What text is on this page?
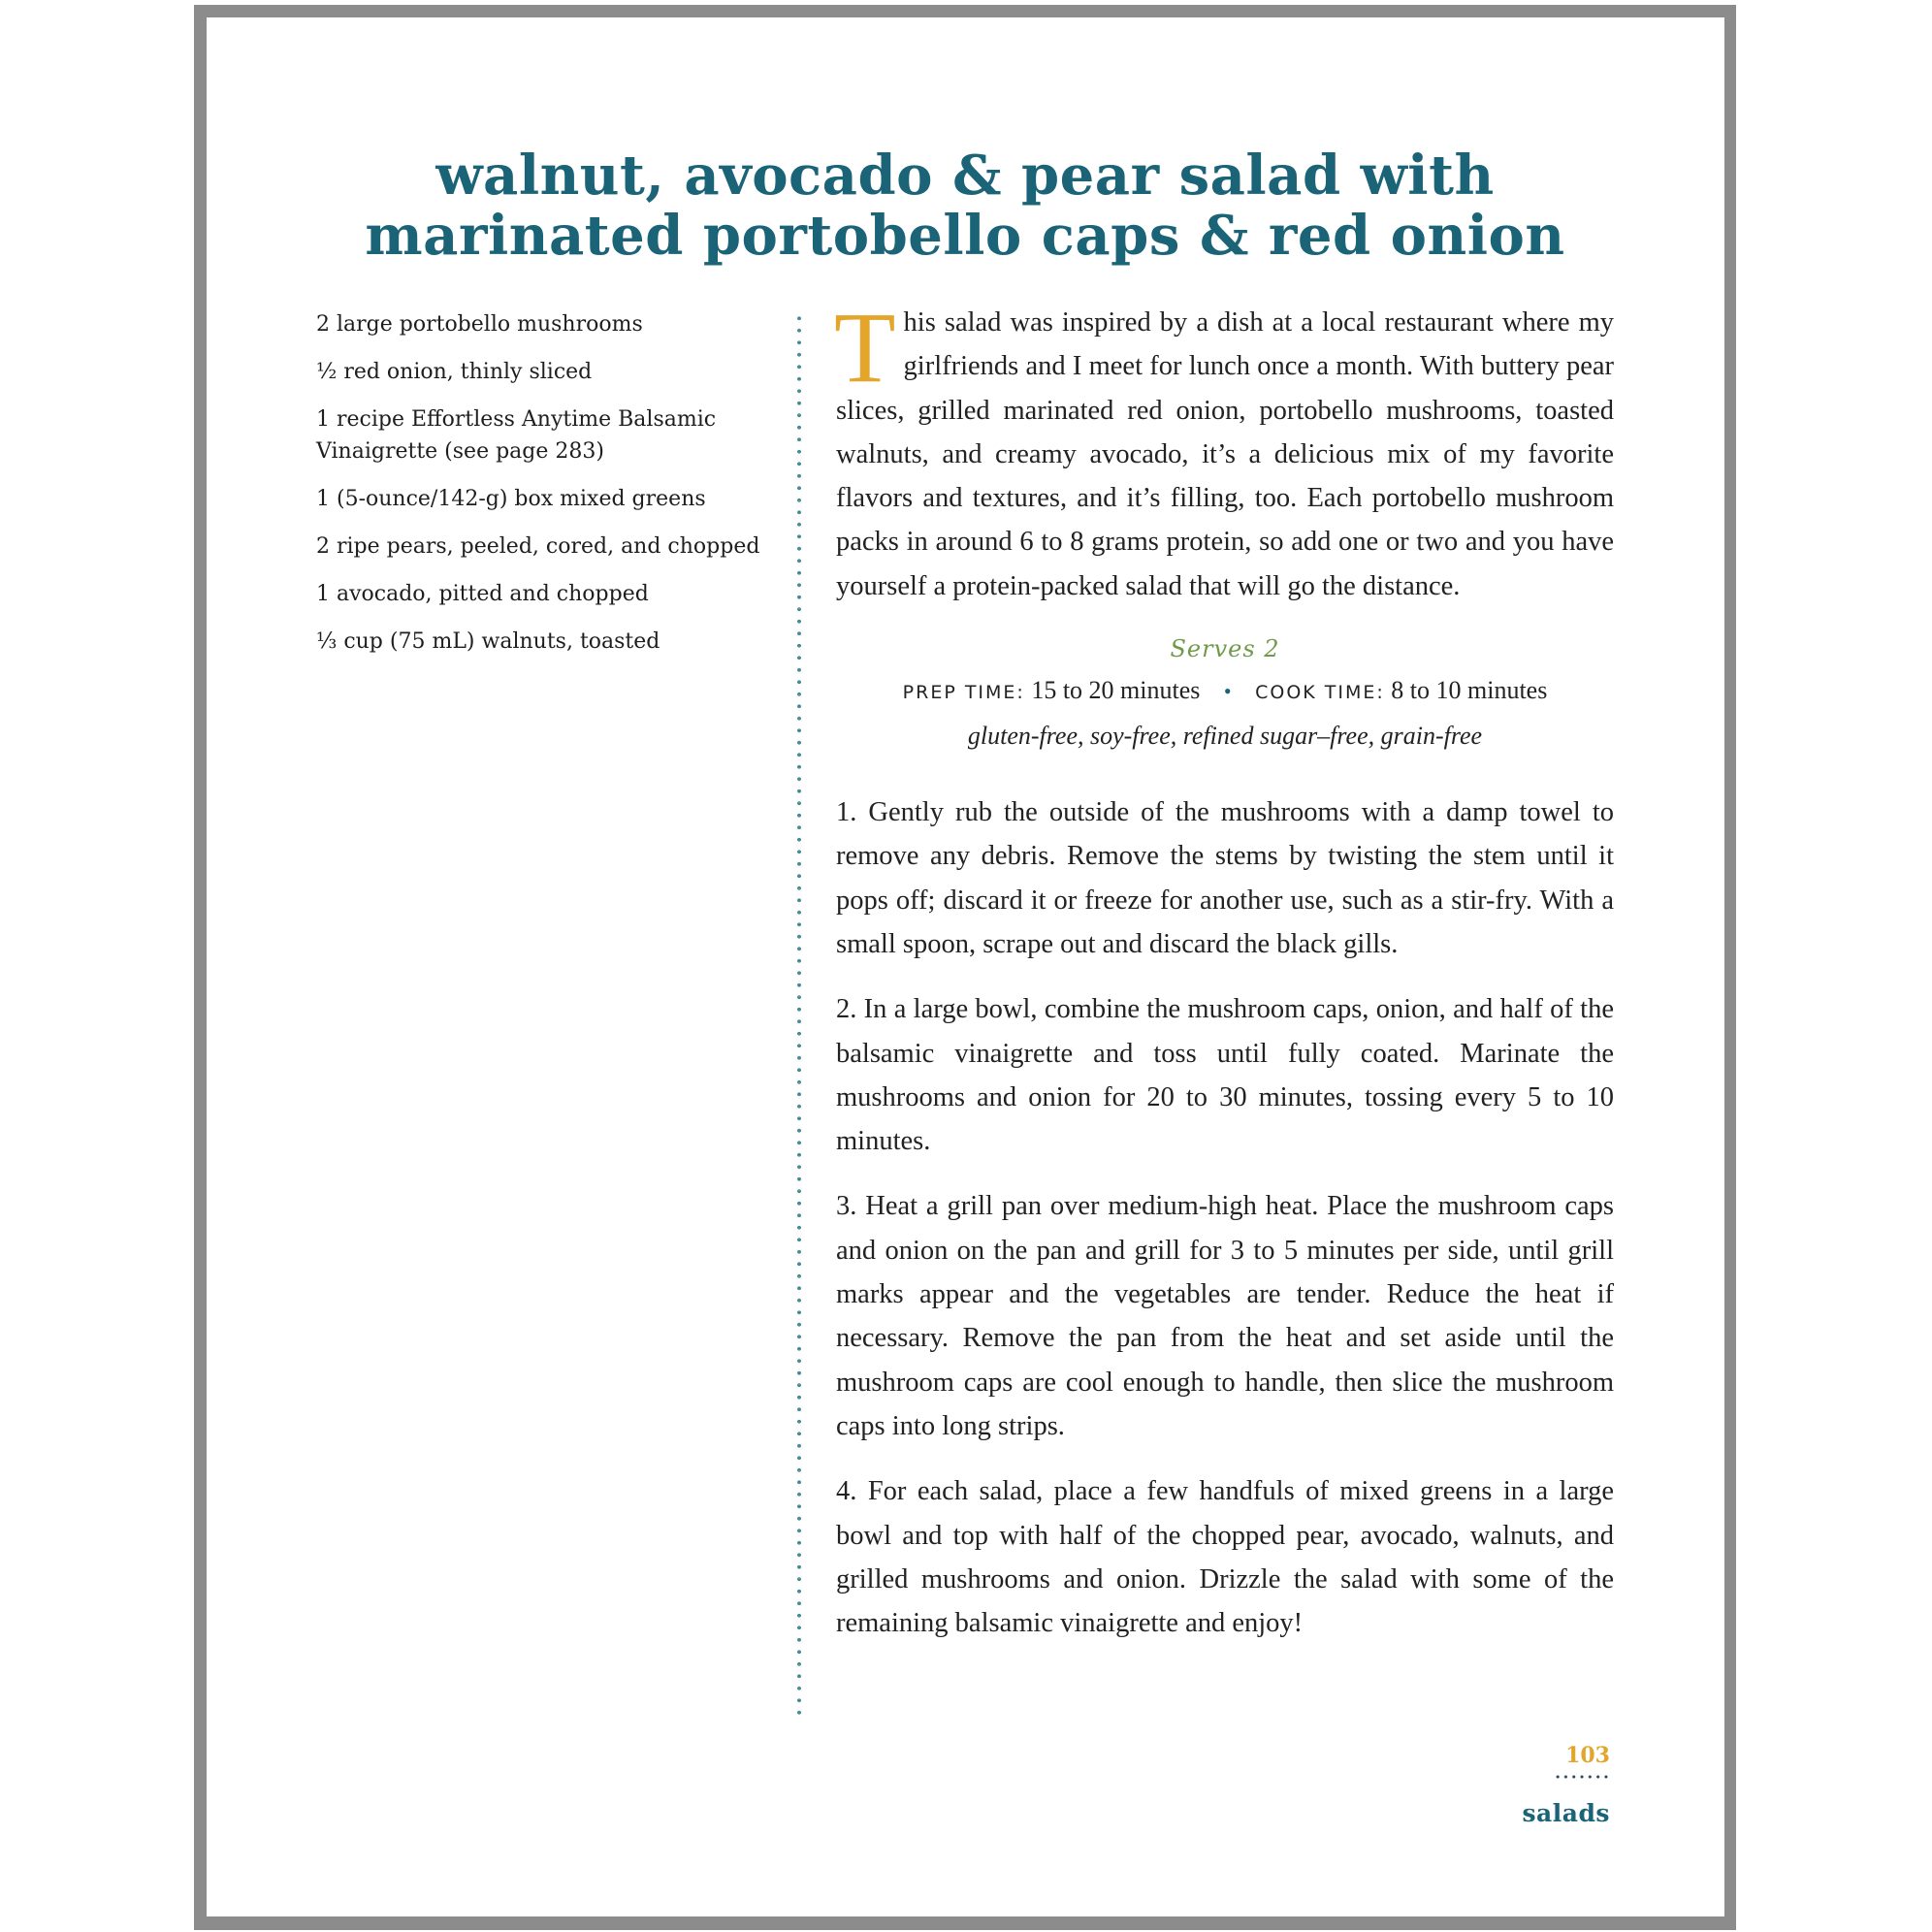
walnut, avocado & pear salad with
marinated portobello caps & red onion
2 large portobello mushrooms
½ red onion, thinly sliced
1 recipe Effortless Anytime Balsamic Vinaigrette (see page 283)
1 (5-ounce/142-g) box mixed greens
2 ripe pears, peeled, cored, and chopped
1 avocado, pitted and chopped
⅓ cup (75 mL) walnuts, toasted

This salad was inspired by a dish at a local restaurant where my girlfriends and I meet for lunch once a month. With buttery pear slices, grilled marinated red onion, portobello mushrooms, toasted walnuts, and creamy avocado, it’s a delicious mix of my favorite flavors and textures, and it’s filling, too. Each portobello mushroom packs in around 6 to 8 grams protein, so add one or two and you have yourself a protein-packed salad that will go the distance.

Serves 2
PREP TIME: 15 to 20 minutes • COOK TIME: 8 to 10 minutes
gluten-free, soy-free, refined sugar–free, grain-free

1. Gently rub the outside of the mushrooms with a damp towel to remove any debris. Remove the stems by twisting the stem until it pops off; discard it or freeze for another use, such as a stir-fry. With a small spoon, scrape out and discard the black gills.

2. In a large bowl, combine the mushroom caps, onion, and half of the balsamic vinaigrette and toss until fully coated. Marinate the mushrooms and onion for 20 to 30 minutes, tossing every 5 to 10 minutes.

3. Heat a grill pan over medium-high heat. Place the mushroom caps and onion on the pan and grill for 3 to 5 minutes per side, until grill marks appear and the vegetables are tender. Reduce the heat if necessary. Remove the pan from the heat and set aside until the mushroom caps are cool enough to handle, then slice the mushroom caps into long strips.

4. For each salad, place a few handfuls of mixed greens in a large bowl and top with half of the chopped pear, avocado, walnuts, and grilled mushrooms and onion. Drizzle the salad with some of the remaining balsamic vinaigrette and enjoy!

103
salads
